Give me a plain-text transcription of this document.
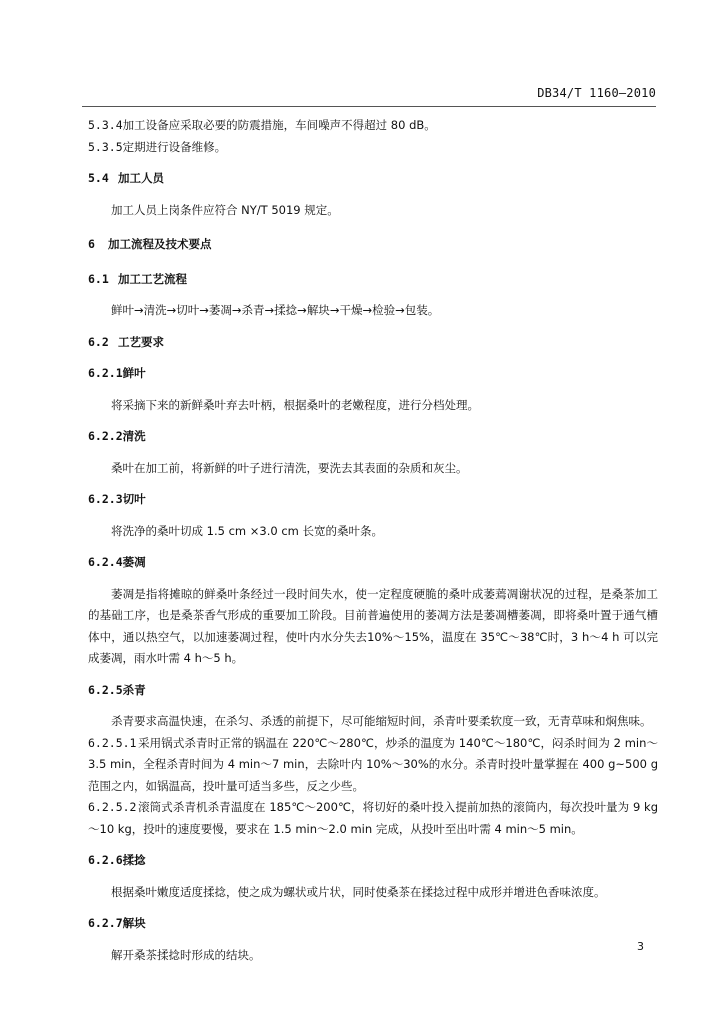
DB34/T 1160—2010
5.3.4加工设备应采取必要的防震措施，车间噪声不得超过 80 dB。
5.3.5定期进行设备维修。
5.4 加工人员
加工人员上岗条件应符合 NY/T 5019 规定。
6 加工流程及技术要点
6.1 加工工艺流程
鲜叶→清洗→切叶→萎凋→杀青→揉捻→解块→干燥→检验→包装。
6.2 工艺要求
6.2.1鲜叶
将采摘下来的新鲜桑叶弃去叶柄，根据桑叶的老嫩程度，进行分档处理。
6.2.2清洗
桑叶在加工前，将新鲜的叶子进行清洗，要洗去其表面的杂质和灰尘。
6.2.3切叶
将洗净的桑叶切成 1.5 cm ×3.0 cm 长宽的桑叶条。
6.2.4萎凋
萎凋是指将摊晾的鲜桑叶条经过一段时间失水，使一定程度硬脆的桑叶成萎蔫凋谢状况的过程，是桑茶加工的基础工序，也是桑茶香气形成的重要加工阶段。目前普遍使用的萎凋方法是萎凋槽萎凋，即将桑叶置于通气槽体中，通以热空气，以加速萎凋过程，使叶内水分失去10%～15%，温度在 35℃～38℃时，3 h～4 h 可以完成萎凋，雨水叶需 4 h～5 h。
6.2.5杀青
杀青要求高温快速，在杀匀、杀透的前提下，尽可能缩短时间，杀青叶要柔软度一致，无青草味和焖焦味。
6.2.5.1 采用锅式杀青时正常的锅温在 220℃～280℃，炒杀的温度为 140℃～180℃，闷杀时间为 2 min～3.5 min，全程杀青时间为 4 min～7 min，去除叶内 10%～30%的水分。杀青时投叶量掌握在 400 g~500 g 范围之内，如锅温高，投叶量可适当多些，反之少些。
6.2.5.2 滚筒式杀青机杀青温度在 185℃～200℃，将切好的桑叶投入提前加热的滚筒内，每次投叶量为 9 kg～10 kg，投叶的速度要慢，要求在 1.5 min～2.0 min 完成，从投叶至出叶需 4 min～5 min。
6.2.6揉捻
根据桑叶嫩度适度揉捻，使之成为螺状或片状，同时使桑茶在揉捻过程中成形并增进色香味浓度。
6.2.7解块
解开桑茶揉捻时形成的结块。
3
